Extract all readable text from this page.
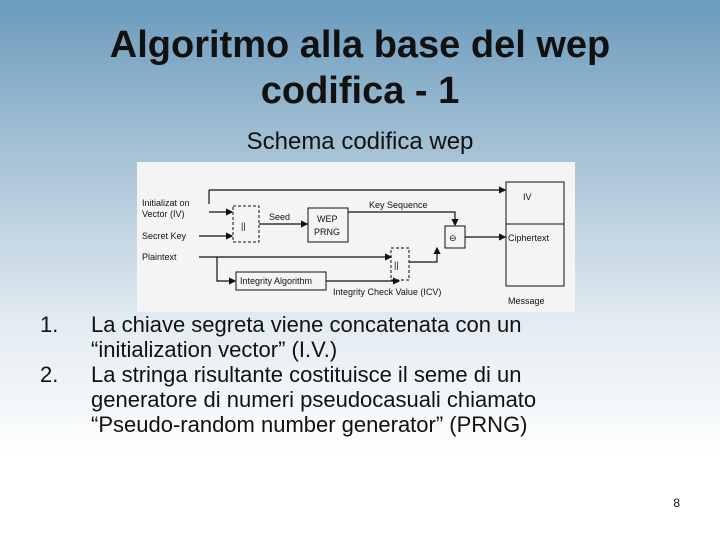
Algoritmo alla base del wep
codifica - 1
Schema codifica wep
Initializat on
Vector (IV)
Secret Key
Plaintext
||
Seed	WEP
PRNG
Key Sequence
⊖
||
Integrity Algorithm
Integrity Check Value (ICV)
IV
Ciphertext
Message
1. La chiave segreta viene concatenata con un
“initialization vector” (I.V.)
2. La stringa risultante costituisce il seme di un
generatore di numeri pseudocasuali chiamato
“Pseudo-random number generator” (PRNG)
8
